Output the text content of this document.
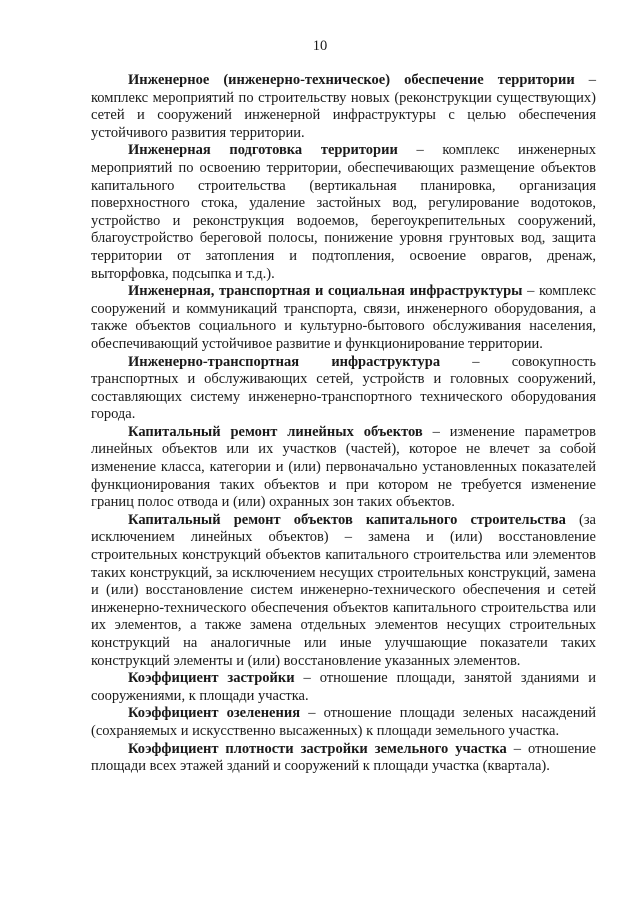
10

Инженерное (инженерно-техническое) обеспечение территории – комплекс мероприятий по строительству новых (реконструкции существующих) сетей и сооружений инженерной инфраструктуры с целью обеспечения устойчивого развития территории.

Инженерная подготовка территории – комплекс инженерных мероприятий по освоению территории, обеспечивающих размещение объектов капитального строительства (вертикальная планировка, организация поверхностного стока, удаление застойных вод, регулирование водотоков, устройство и реконструкция водоемов, берегоукрепительных сооружений, благоустройство береговой полосы, понижение уровня грунтовых вод, защита территории от затопления и подтопления, освоение оврагов, дренаж, выторфовка, подсыпка и т.д.).

Инженерная, транспортная и социальная инфраструктуры – комплекс сооружений и коммуникаций транспорта, связи, инженерного оборудования, а также объектов социального и культурно-бытового обслуживания населения, обеспечивающий устойчивое развитие и функционирование территории.

Инженерно-транспортная инфраструктура – совокупность транспортных и обслуживающих сетей, устройств и головных сооружений, составляющих систему инженерно-транспортного технического оборудования города.

Капитальный ремонт линейных объектов – изменение параметров линейных объектов или их участков (частей), которое не влечет за собой изменение класса, категории и (или) первоначально установленных показателей функционирования таких объектов и при котором не требуется изменение границ полос отвода и (или) охранных зон таких объектов.

Капитальный ремонт объектов капитального строительства (за исключением линейных объектов) – замена и (или) восстановление строительных конструкций объектов капитального строительства или элементов таких конструкций, за исключением несущих строительных конструкций, замена и (или) восстановление систем инженерно-технического обеспечения и сетей инженерно-технического обеспечения объектов капитального строительства или их элементов, а также замена отдельных элементов несущих строительных конструкций на аналогичные или иные улучшающие показатели таких конструкций элементы и (или) восстановление указанных элементов.

Коэффициент застройки – отношение площади, занятой зданиями и сооружениями, к площади участка.

Коэффициент озеленения – отношение площади зеленых насаждений (сохраняемых и искусственно высаженных) к площади земельного участка.

Коэффициент плотности застройки земельного участка – отношение площади всех этажей зданий и сооружений к площади участка (квартала).
